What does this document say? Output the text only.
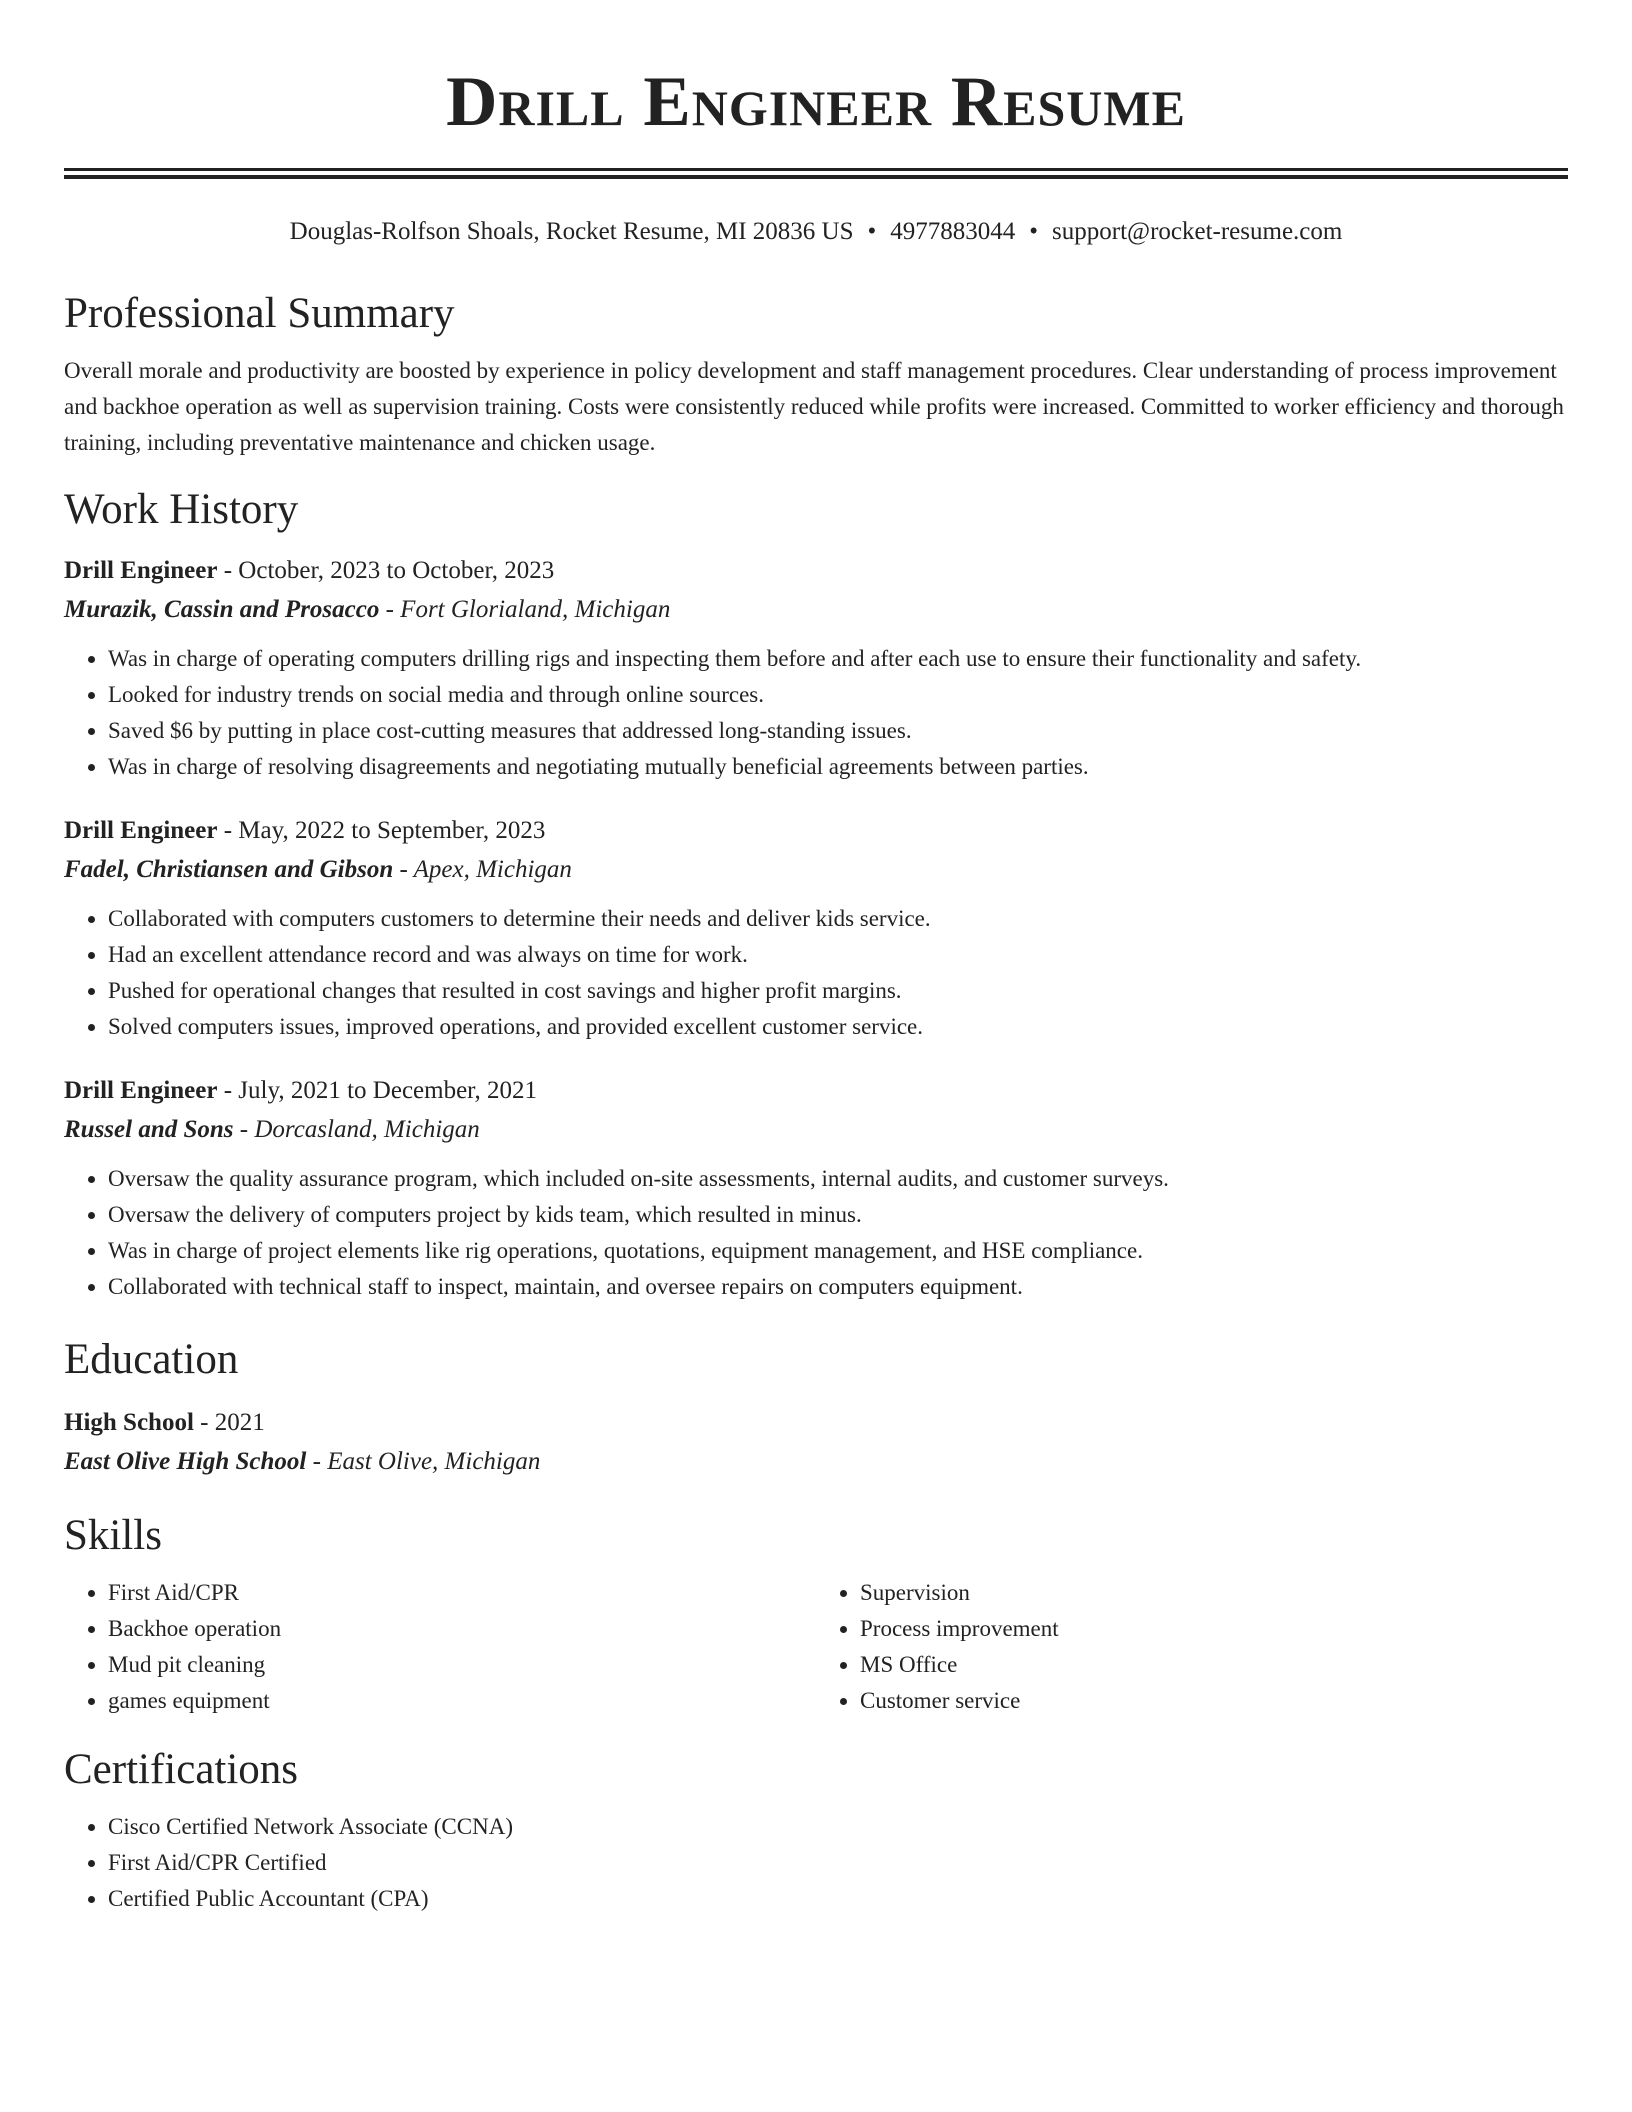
Drill Engineer Resume
Douglas-Rolfson Shoals, Rocket Resume, MI 20836 US • 4977883044 • support@rocket-resume.com
Professional Summary

Overall morale and productivity are boosted by experience in policy development and staff management procedures. Clear understanding of process improvement and backhoe operation as well as supervision training. Costs were consistently reduced while profits were increased. Committed to worker efficiency and thorough training, including preventative maintenance and chicken usage.

Work History
Drill Engineer - October, 2023 to October, 2023
Murazik, Cassin and Prosacco - Fort Glorialand, Michigan
• Was in charge of operating computers drilling rigs and inspecting them before and after each use to ensure their functionality and safety.
• Looked for industry trends on social media and through online sources.
• Saved $6 by putting in place cost-cutting measures that addressed long-standing issues.
• Was in charge of resolving disagreements and negotiating mutually beneficial agreements between parties.
Drill Engineer - May, 2022 to September, 2023
Fadel, Christiansen and Gibson - Apex, Michigan
• Collaborated with computers customers to determine their needs and deliver kids service.
• Had an excellent attendance record and was always on time for work.
• Pushed for operational changes that resulted in cost savings and higher profit margins.
• Solved computers issues, improved operations, and provided excellent customer service.
Drill Engineer - July, 2021 to December, 2021
Russel and Sons - Dorcasland, Michigan
• Oversaw the quality assurance program, which included on-site assessments, internal audits, and customer surveys.
• Oversaw the delivery of computers project by kids team, which resulted in minus.
• Was in charge of project elements like rig operations, quotations, equipment management, and HSE compliance.
• Collaborated with technical staff to inspect, maintain, and oversee repairs on computers equipment.
Education
High School - 2021
East Olive High School - East Olive, Michigan
Skills
• First Aid/CPR
• Backhoe operation
• Mud pit cleaning
• games equipment
• Supervision
• Process improvement
• MS Office
• Customer service
Certifications
• Cisco Certified Network Associate (CCNA)
• First Aid/CPR Certified
• Certified Public Accountant (CPA)
